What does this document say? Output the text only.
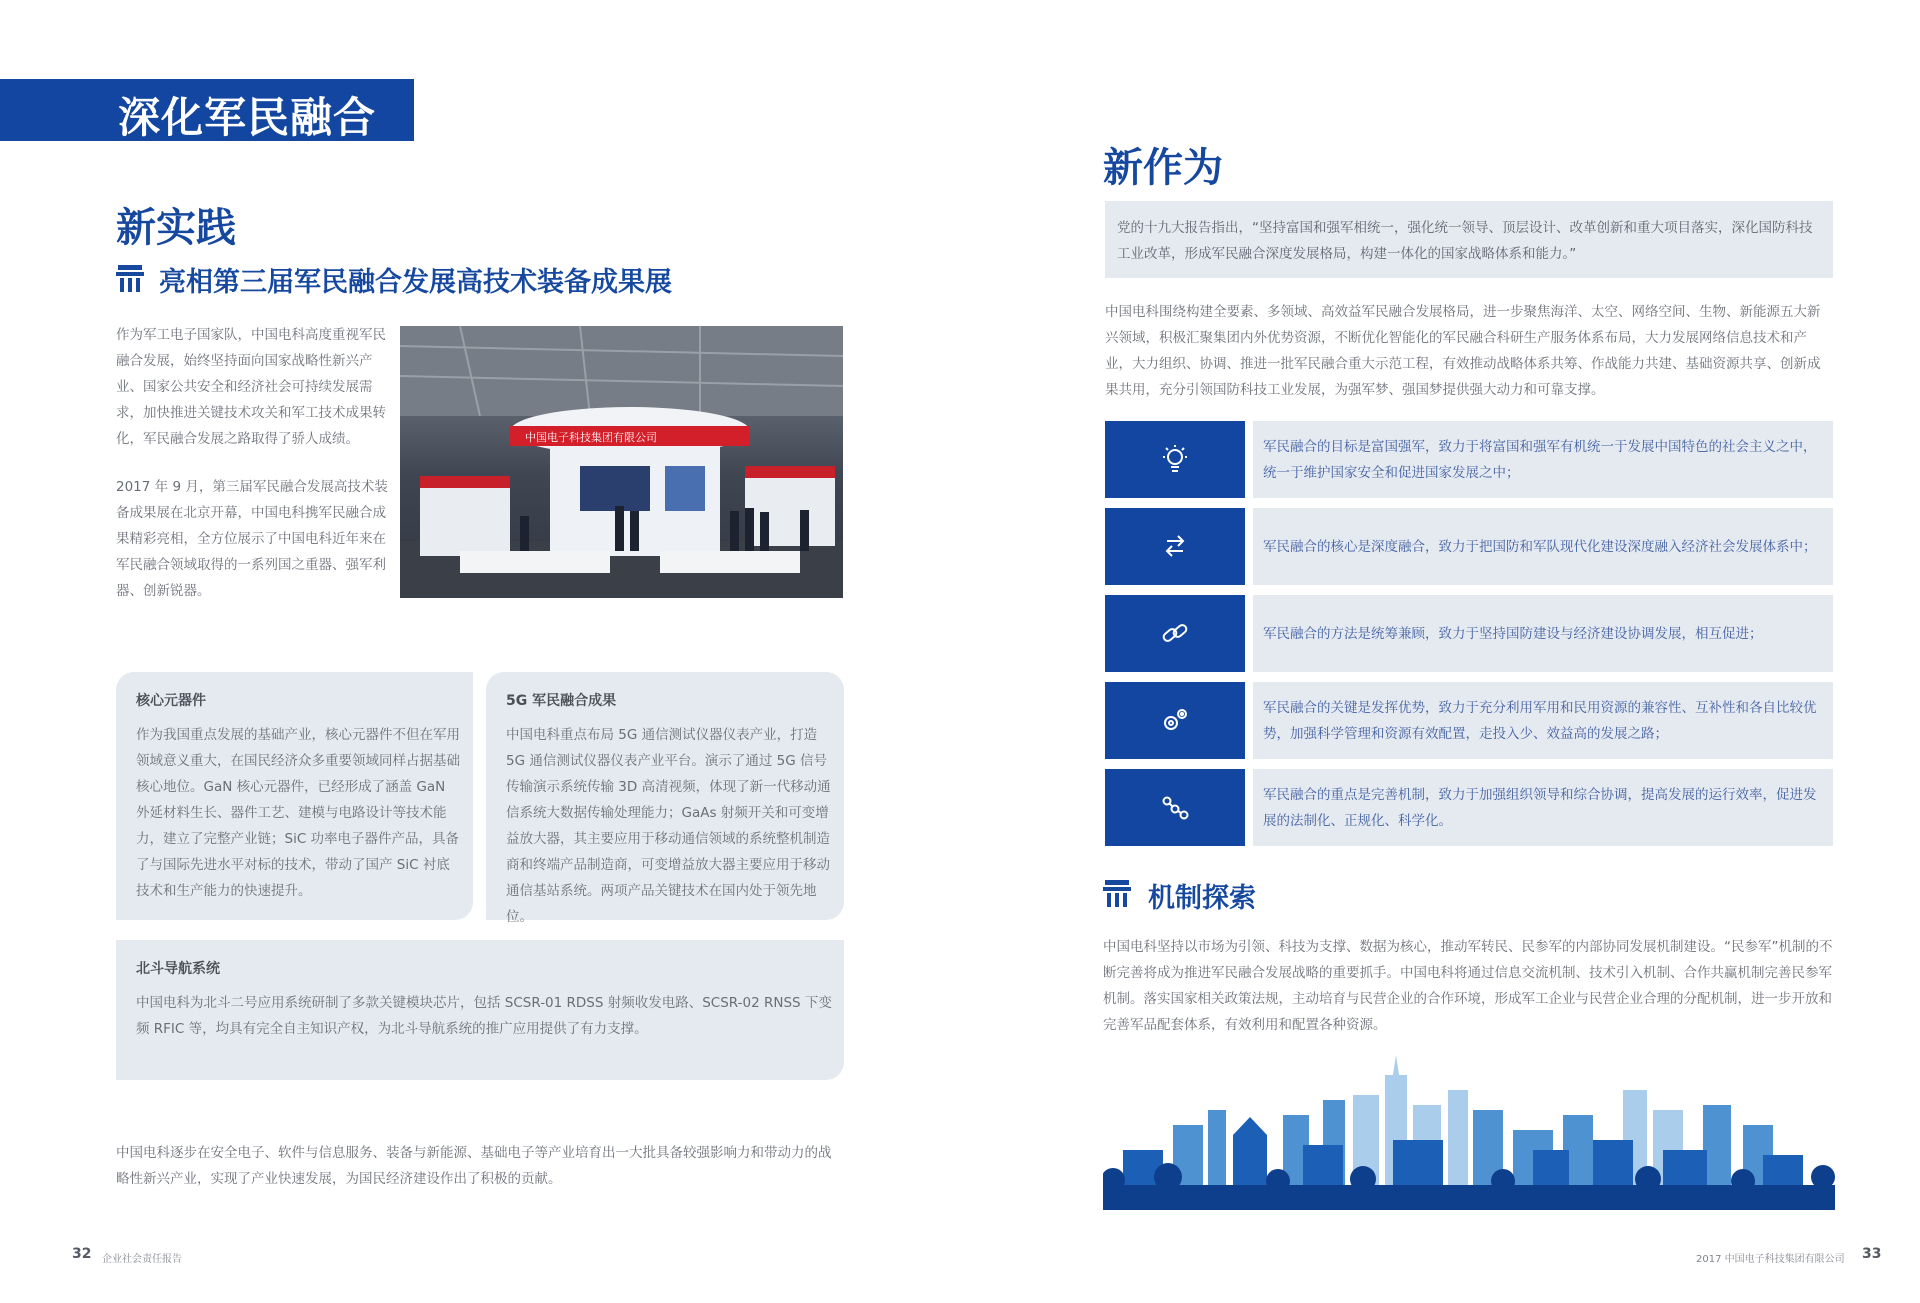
深化军民融合
新实践
亮相第三届军民融合发展高技术装备成果展
作为军工电子国家队，中国电科高度重视军民融合发展，始终坚持面向国家战略性新兴产业、国家公共安全和经济社会可持续发展需求，加快推进关键技术攻关和军工技术成果转化，军民融合发展之路取得了骄人成绩。
2017 年 9 月，第三届军民融合发展高技术装备成果展在北京开幕，中国电科携军民融合成果精彩亮相，全方位展示了中国电科近年来在军民融合领域取得的一系列国之重器、强军利器、创新锐器。
中国电子科技集团有限公司
核心元器件
作为我国重点发展的基础产业，核心元器件不但在军用领域意义重大，在国民经济众多重要领域同样占据基础核心地位。GaN 核心元器件，已经形成了涵盖 GaN 外延材料生长、器件工艺、建模与电路设计等技术能力，建立了完整产业链；SiC 功率电子器件产品，具备了与国际先进水平对标的技术，带动了国产 SiC 衬底技术和生产能力的快速提升。
5G 军民融合成果
中国电科重点布局 5G 通信测试仪器仪表产业，打造 5G 通信测试仪器仪表产业平台。演示了通过 5G 信号传输演示系统传输 3D 高清视频，体现了新一代移动通信系统大数据传输处理能力；GaAs 射频开关和可变增益放大器，其主要应用于移动通信领域的系统整机制造商和终端产品制造商，可变增益放大器主要应用于移动通信基站系统。两项产品关键技术在国内处于领先地位。
北斗导航系统
中国电科为北斗二号应用系统研制了多款关键模块芯片，包括 SCSR-01 RDSS 射频收发电路、SCSR-02 RNSS 下变频 RFIC 等，均具有完全自主知识产权，为北斗导航系统的推广应用提供了有力支撑。
中国电科逐步在安全电子、软件与信息服务、装备与新能源、基础电子等产业培育出一大批具备较强影响力和带动力的战略性新兴产业，实现了产业快速发展，为国民经济建设作出了积极的贡献。
32 企业社会责任报告
新作为
党的十九大报告指出，“坚持富国和强军相统一，强化统一领导、顶层设计、改革创新和重大项目落实，深化国防科技工业改革，形成军民融合深度发展格局，构建一体化的国家战略体系和能力。”
中国电科围绕构建全要素、多领域、高效益军民融合发展格局，进一步聚焦海洋、太空、网络空间、生物、新能源五大新兴领域，积极汇聚集团内外优势资源，不断优化智能化的军民融合科研生产服务体系布局，大力发展网络信息技术和产业，大力组织、协调、推进一批军民融合重大示范工程，有效推动战略体系共筹、作战能力共建、基础资源共享、创新成果共用，充分引领国防科技工业发展，为强军梦、强国梦提供强大动力和可靠支撑。
军民融合的目标是富国强军，致力于将富国和强军有机统一于发展中国特色的社会主义之中，统一于维护国家安全和促进国家发展之中；
军民融合的核心是深度融合，致力于把国防和军队现代化建设深度融入经济社会发展体系中；
军民融合的方法是统筹兼顾，致力于坚持国防建设与经济建设协调发展，相互促进；
军民融合的关键是发挥优势，致力于充分利用军用和民用资源的兼容性、互补性和各自比较优势，加强科学管理和资源有效配置，走投入少、效益高的发展之路；
军民融合的重点是完善机制，致力于加强组织领导和综合协调，提高发展的运行效率，促进发展的法制化、正规化、科学化。
机制探索
中国电科坚持以市场为引领、科技为支撑、数据为核心，推动军转民、民参军的内部协同发展机制建设。“民参军”机制的不断完善将成为推进军民融合发展战略的重要抓手。中国电科将通过信息交流机制、技术引入机制、合作共赢机制完善民参军机制。落实国家相关政策法规，主动培育与民营企业的合作环境，形成军工企业与民营企业合理的分配机制，进一步开放和完善军品配套体系，有效利用和配置各种资源。
2017 中国电子科技集团有限公司 33
